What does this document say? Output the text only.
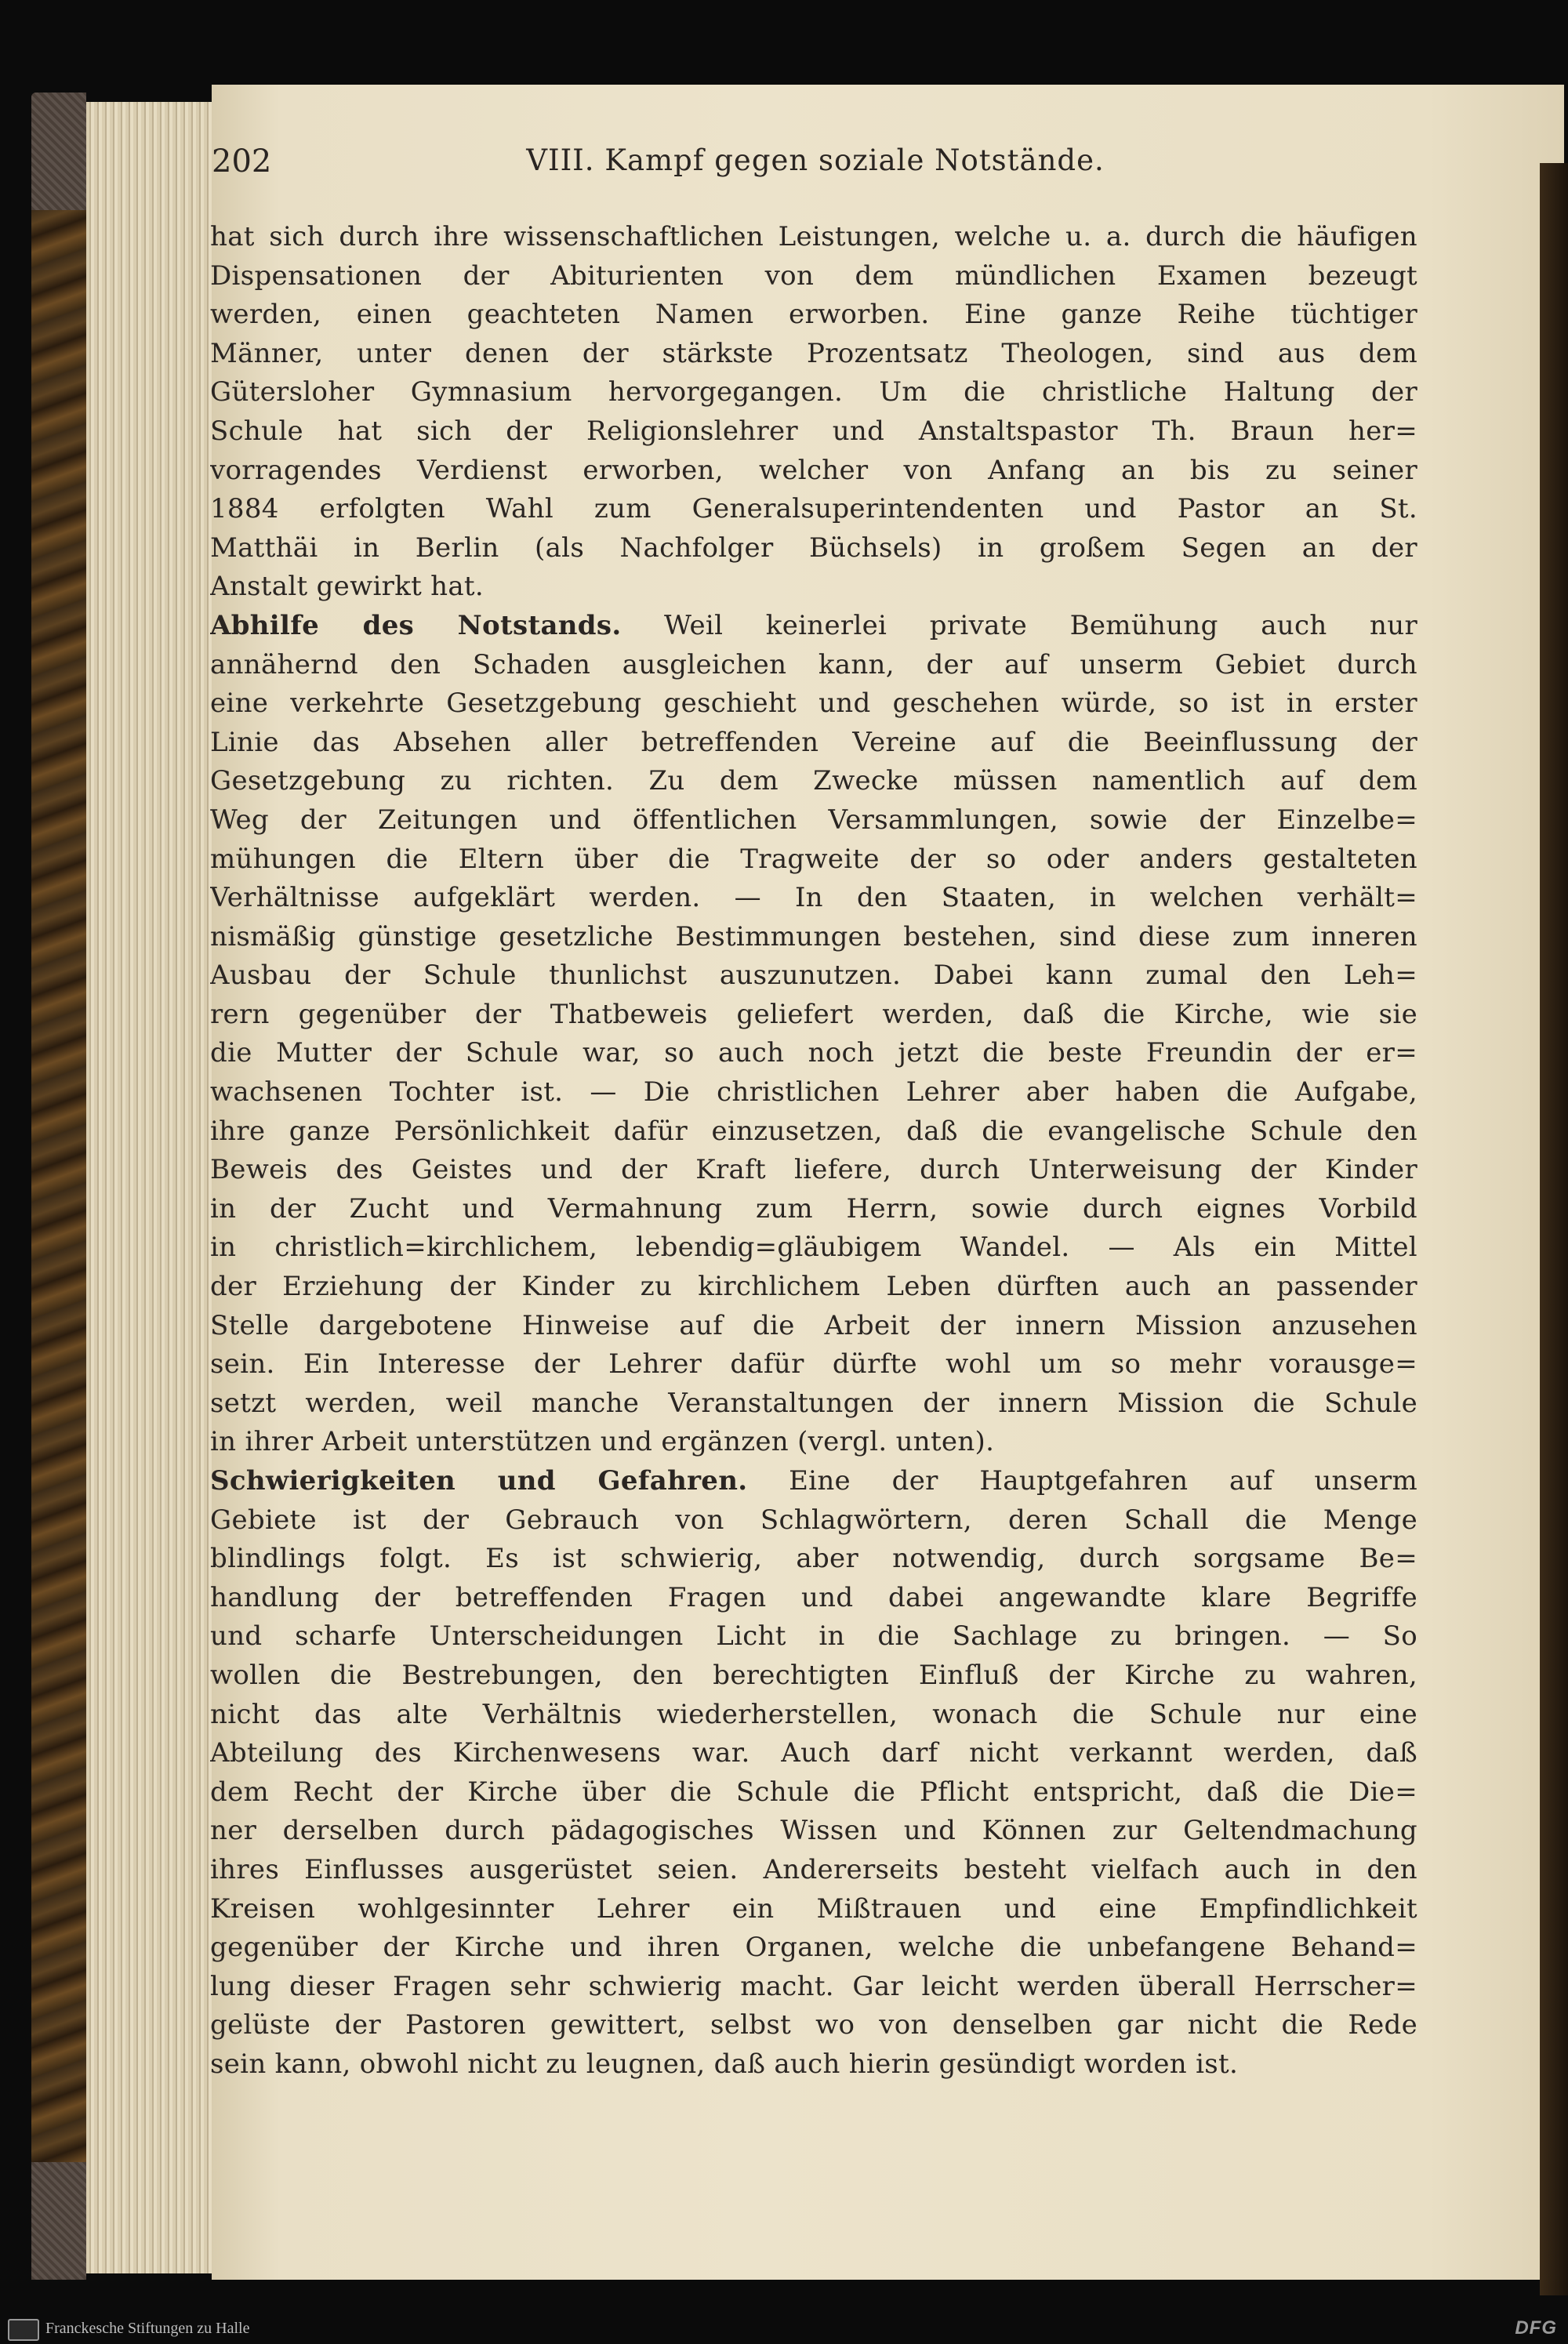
202	VIII. Kampf gegen soziale Notstände.
hat sich durch ihre wissenschaftlichen Leistungen, welche u. a. durch die häufigen
Dispensationen der Abiturienten von dem mündlichen Examen bezeugt
werden, einen geachteten Namen erworben. Eine ganze Reihe tüchtiger
Männer, unter denen der stärkste Prozentsatz Theologen, sind aus dem
Gütersloher Gymnasium hervorgegangen. Um die christliche Haltung der
Schule hat sich der Religionslehrer und Anstaltspastor Th. Braun her=
vorragendes Verdienst erworben, welcher von Anfang an bis zu seiner
1884 erfolgten Wahl zum Generalsuperintendenten und Pastor an St.
Matthäi in Berlin (als Nachfolger Büchsels) in großem Segen an der
Anstalt gewirkt hat.
Abhilfe des Notstands. Weil keinerlei private Bemühung auch nur
annähernd den Schaden ausgleichen kann, der auf unserm Gebiet durch
eine verkehrte Gesetzgebung geschieht und geschehen würde, so ist in erster
Linie das Absehen aller betreffenden Vereine auf die Beeinflussung der
Gesetzgebung zu richten. Zu dem Zwecke müssen namentlich auf dem
Weg der Zeitungen und öffentlichen Versammlungen, sowie der Einzelbe=
mühungen die Eltern über die Tragweite der so oder anders gestalteten
Verhältnisse aufgeklärt werden. — In den Staaten, in welchen verhält=
nismäßig günstige gesetzliche Bestimmungen bestehen, sind diese zum inneren
Ausbau der Schule thunlichst auszunutzen. Dabei kann zumal den Leh=
rern gegenüber der Thatbeweis geliefert werden, daß die Kirche, wie sie
die Mutter der Schule war, so auch noch jetzt die beste Freundin der er=
wachsenen Tochter ist. — Die christlichen Lehrer aber haben die Aufgabe,
ihre ganze Persönlichkeit dafür einzusetzen, daß die evangelische Schule den
Beweis des Geistes und der Kraft liefere, durch Unterweisung der Kinder
in der Zucht und Vermahnung zum Herrn, sowie durch eignes Vorbild
in christlich=kirchlichem, lebendig=gläubigem Wandel. — Als ein Mittel
der Erziehung der Kinder zu kirchlichem Leben dürften auch an passender
Stelle dargebotene Hinweise auf die Arbeit der innern Mission anzusehen
sein. Ein Interesse der Lehrer dafür dürfte wohl um so mehr vorausge=
setzt werden, weil manche Veranstaltungen der innern Mission die Schule
in ihrer Arbeit unterstützen und ergänzen (vergl. unten).
Schwierigkeiten und Gefahren. Eine der Hauptgefahren auf unserm
Gebiete ist der Gebrauch von Schlagwörtern, deren Schall die Menge
blindlings folgt. Es ist schwierig, aber notwendig, durch sorgsame Be=
handlung der betreffenden Fragen und dabei angewandte klare Begriffe
und scharfe Unterscheidungen Licht in die Sachlage zu bringen. — So
wollen die Bestrebungen, den berechtigten Einfluß der Kirche zu wahren,
nicht das alte Verhältnis wiederherstellen, wonach die Schule nur eine
Abteilung des Kirchenwesens war. Auch darf nicht verkannt werden, daß
dem Recht der Kirche über die Schule die Pflicht entspricht, daß die Die=
ner derselben durch pädagogisches Wissen und Können zur Geltendmachung
ihres Einflusses ausgerüstet seien. Andererseits besteht vielfach auch in den
Kreisen wohlgesinnter Lehrer ein Mißtrauen und eine Empfindlichkeit
gegenüber der Kirche und ihren Organen, welche die unbefangene Behand=
lung dieser Fragen sehr schwierig macht. Gar leicht werden überall Herrscher=
gelüste der Pastoren gewittert, selbst wo von denselben gar nicht die Rede
sein kann, obwohl nicht zu leugnen, daß auch hierin gesündigt worden ist.
Franckesche Stiftungen zu Halle	DFG
